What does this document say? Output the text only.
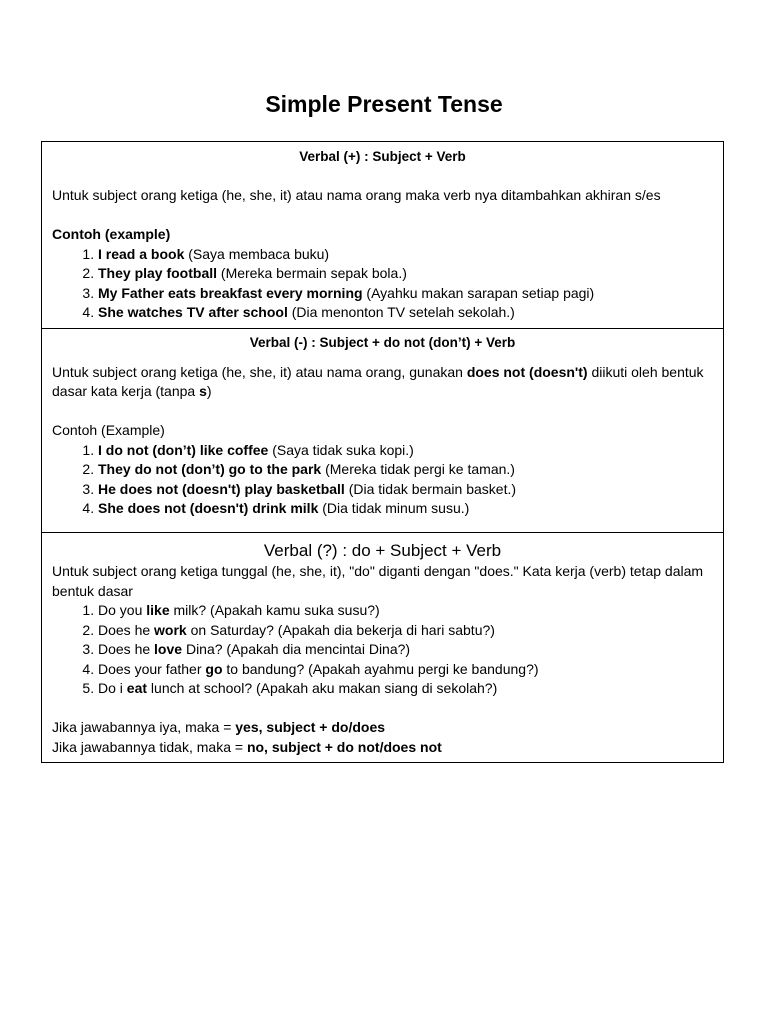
Simple Present Tense
Verbal (+) : Subject + Verb

Untuk subject orang ketiga (he, she, it) atau nama orang maka verb nya ditambahkan akhiran s/es

Contoh (example)

1. I read a book (Saya membaca buku)
2. They play football (Mereka bermain sepak bola.)
3. My Father eats breakfast every morning (Ayahku makan sarapan setiap pagi)
4. She watches TV after school (Dia menonton TV setelah sekolah.)
Verbal (-) : Subject + do not (don’t) + Verb

Untuk subject orang ketiga (he, she, it) atau nama orang, gunakan does not (doesn't) diikuti oleh bentuk dasar kata kerja (tanpa s)

Contoh (Example)

1. I do not (don’t) like coffee (Saya tidak suka kopi.)
2. They do not (don’t) go to the park (Mereka tidak pergi ke taman.)
3. He does not (doesn't) play basketball (Dia tidak bermain basket.)
4. She does not (doesn't) drink milk (Dia tidak minum susu.)
Verbal (?) : do + Subject + Verb

Untuk subject orang ketiga tunggal (he, she, it), "do" diganti dengan "does." Kata kerja (verb) tetap dalam bentuk dasar

1. Do you like milk? (Apakah kamu suka susu?)
2. Does he work on Saturday? (Apakah dia bekerja di hari sabtu?)
3. Does he love Dina? (Apakah dia mencintai Dina?)
4. Does your father go to bandung? (Apakah ayahmu pergi ke bandung?)
5. Do i eat lunch at school? (Apakah aku makan siang di sekolah?)

Jika jawabannya iya, maka = yes, subject + do/does

Jika jawabannya tidak, maka = no, subject + do not/does not
